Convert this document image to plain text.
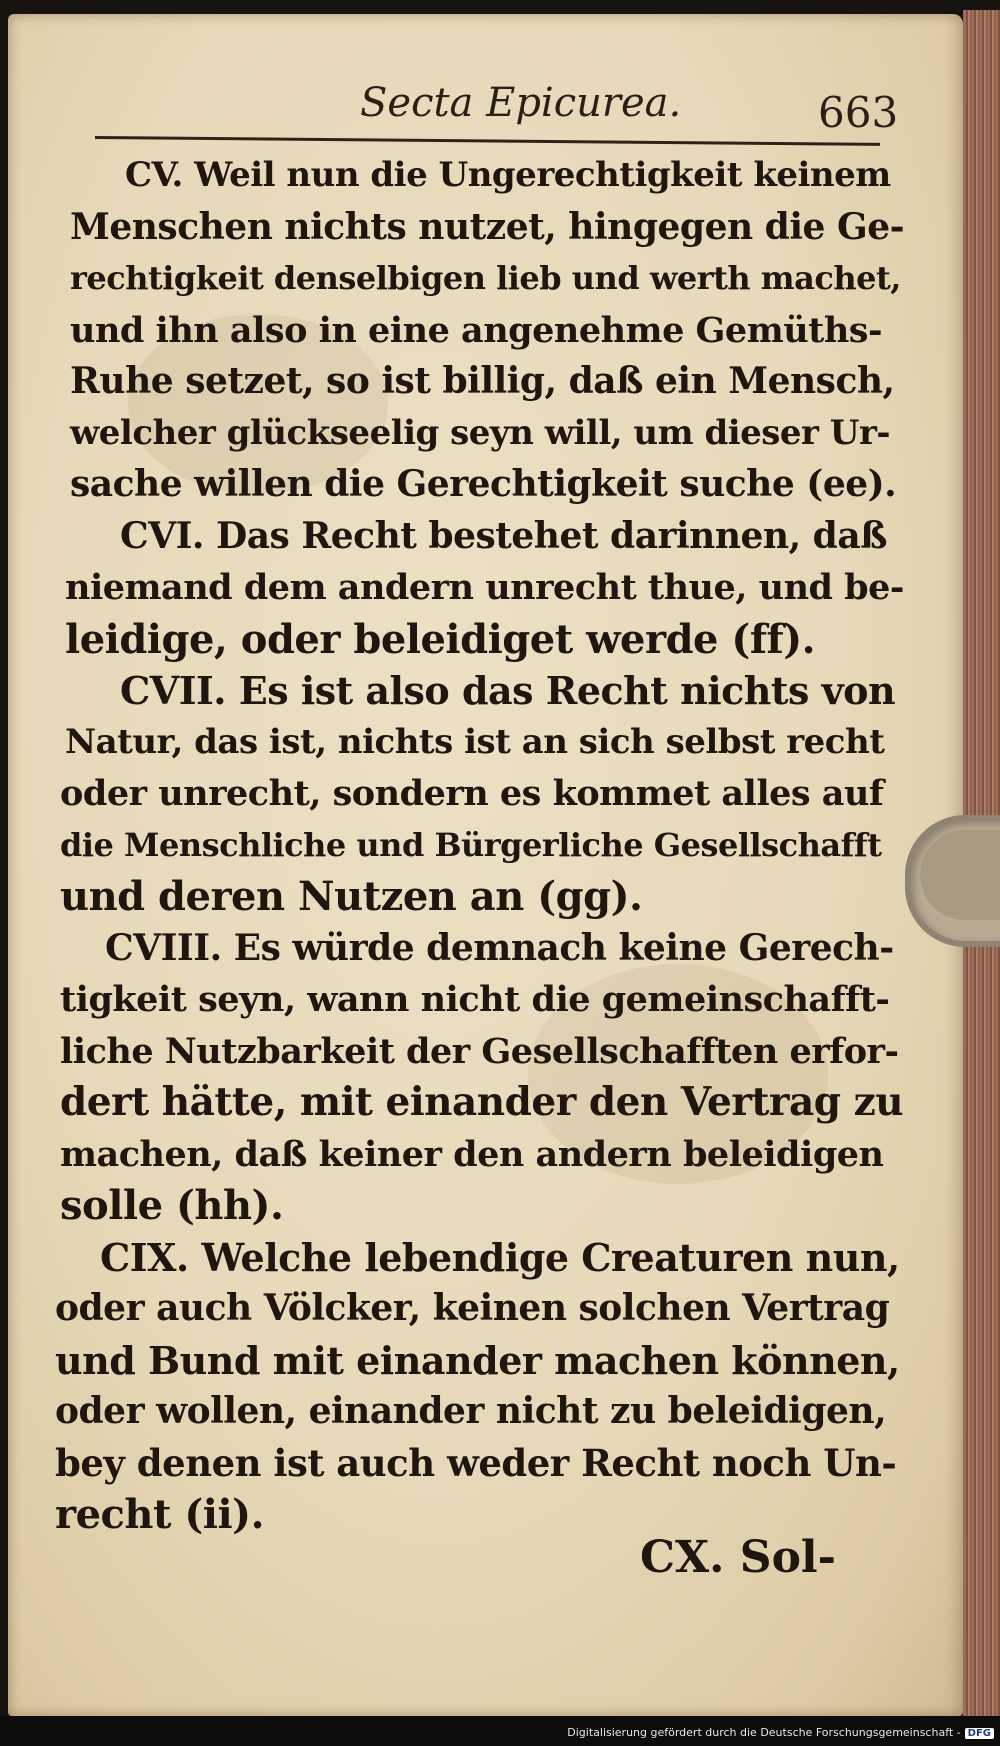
Secta Epicurea.	663
CV. Weil nun die Ungerechtigkeit keinem
Menschen nichts nutzet, hingegen die Ge-
rechtigkeit denselbigen lieb und werth machet,
und ihn also in eine angenehme Gemüths-
Ruhe setzet, so ist billig, daß ein Mensch,
welcher glückseelig seyn will, um dieser Ur-
sache willen die Gerechtigkeit suche (ee).
CVI. Das Recht bestehet darinnen, daß
niemand dem andern unrecht thue, und be-
leidige, oder beleidiget werde (ff).
CVII. Es ist also das Recht nichts von
Natur, das ist, nichts ist an sich selbst recht
oder unrecht, sondern es kommet alles auf
die Menschliche und Bürgerliche Gesellschafft
und deren Nutzen an (gg).
CVIII. Es würde demnach keine Gerech-
tigkeit seyn, wann nicht die gemeinschafft-
liche Nutzbarkeit der Gesellschafften erfor-
dert hätte, mit einander den Vertrag zu
machen, daß keiner den andern beleidigen
solle (hh).
CIX. Welche lebendige Creaturen nun,
oder auch Völcker, keinen solchen Vertrag
und Bund mit einander machen können,
oder wollen, einander nicht zu beleidigen,
bey denen ist auch weder Recht noch Un-
recht (ii).
CX. Sol-
Digitalisierung gefördert durch die Deutsche Forschungsgemeinschaft - DFG
